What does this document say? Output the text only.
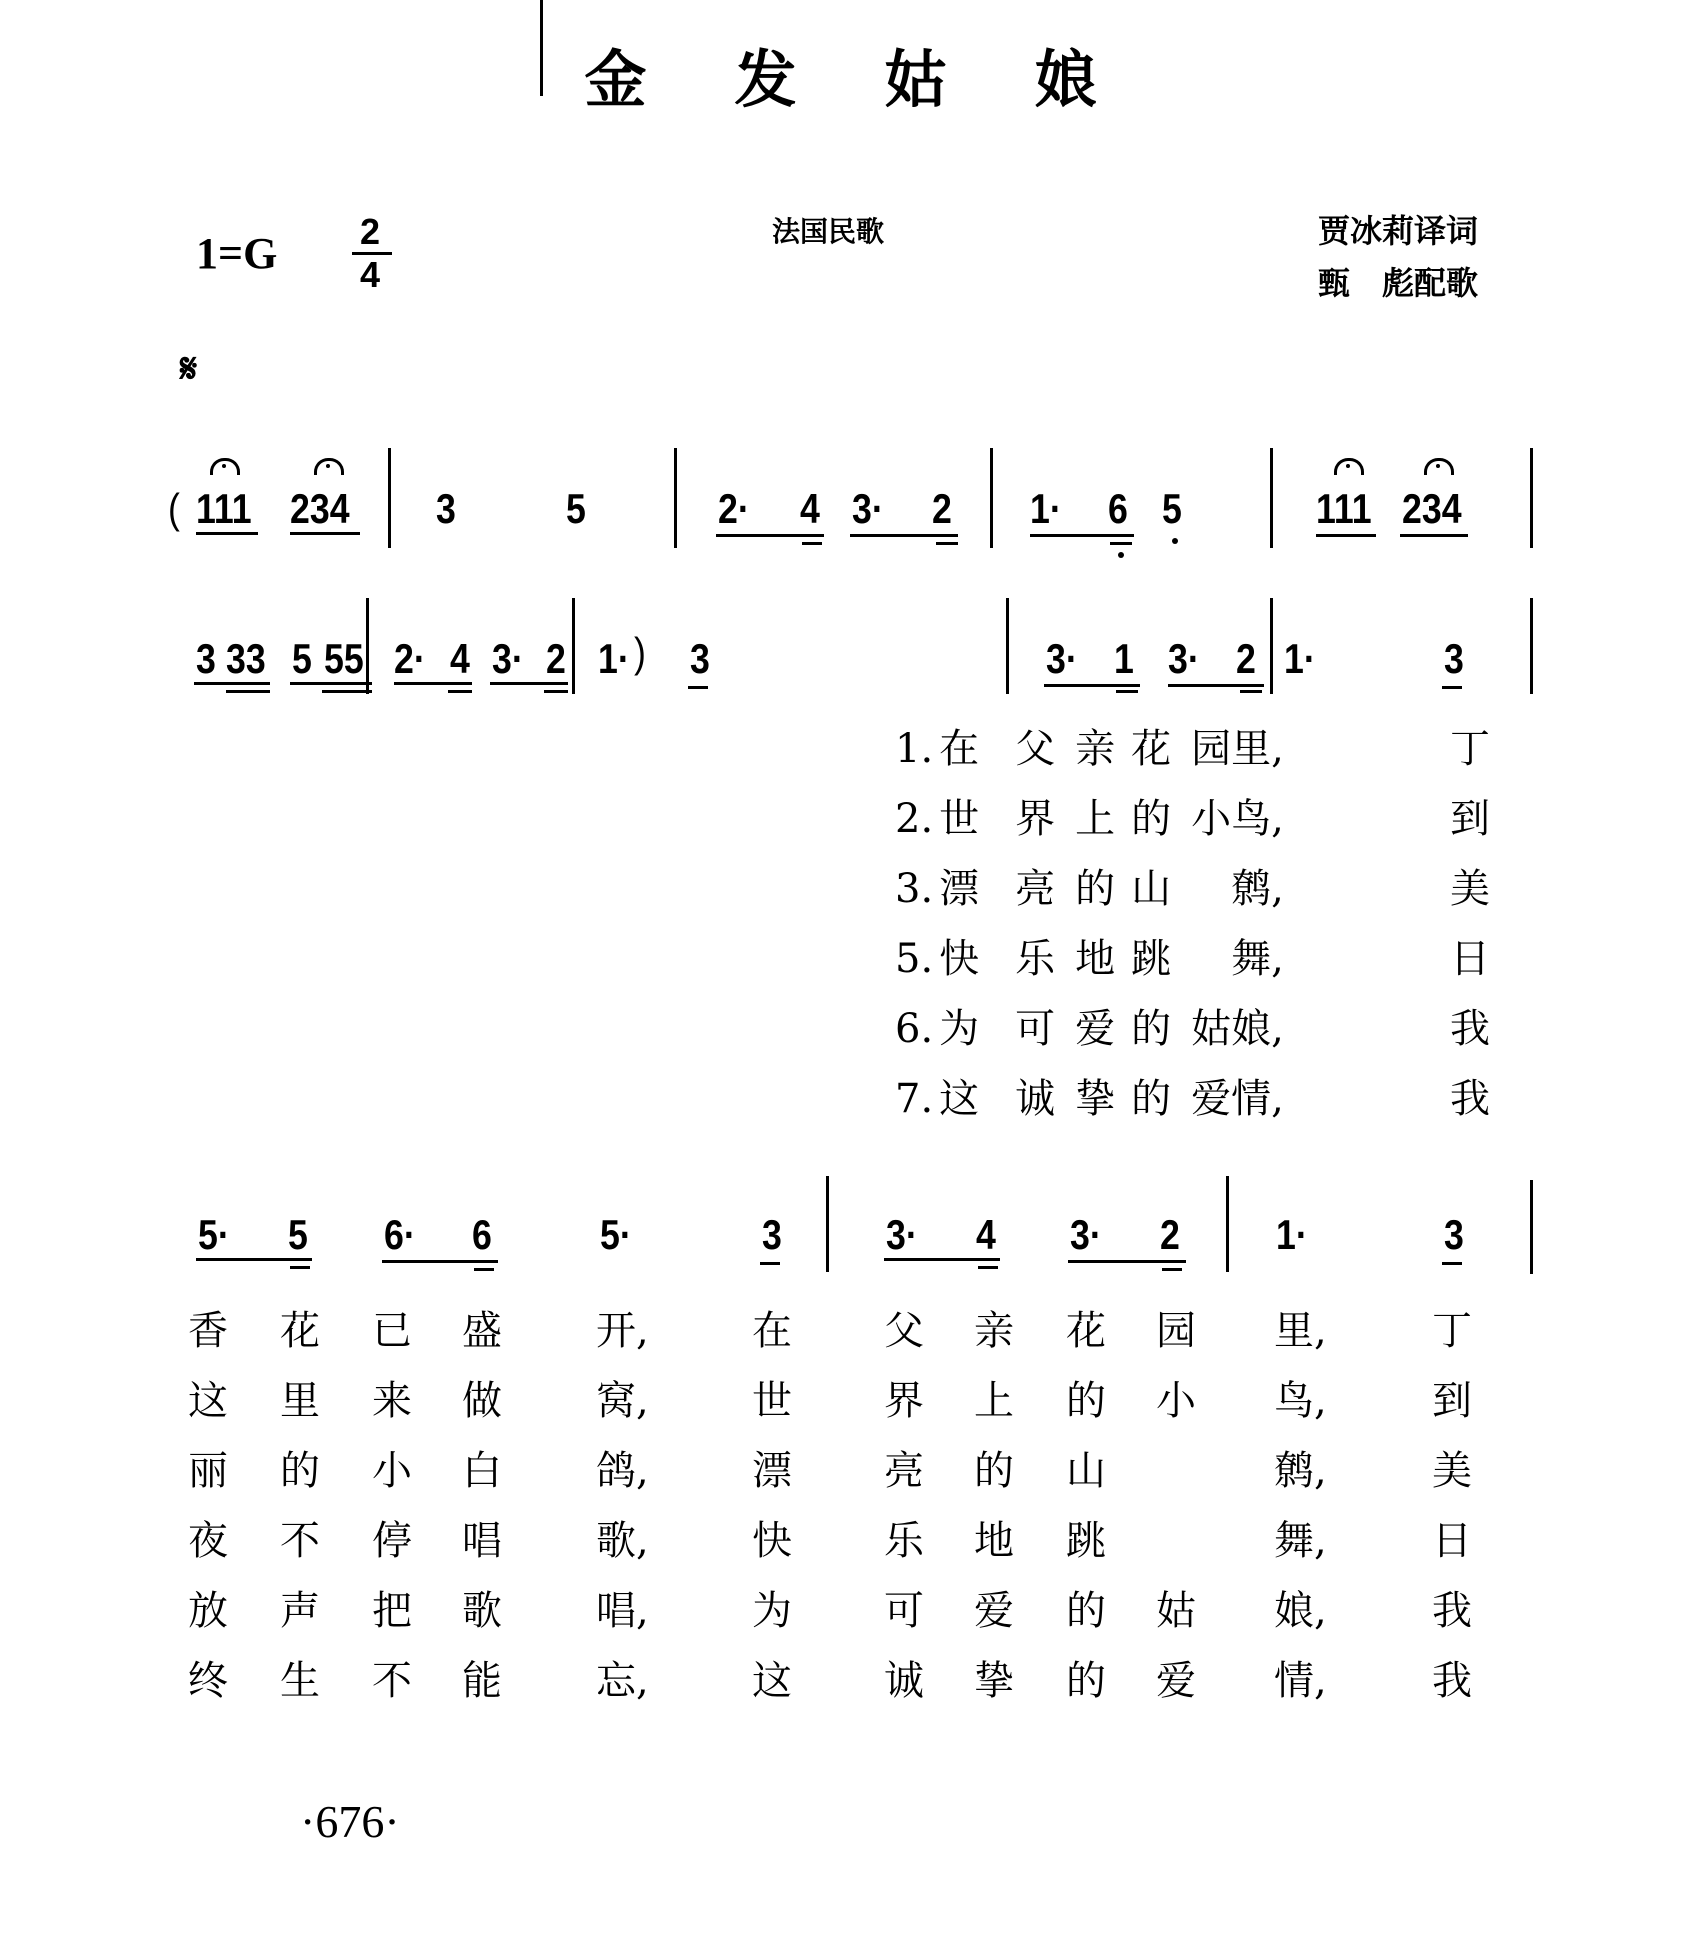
金发姑娘
1=G 2
4
法国民歌	贾冰莉译词
甄　彪配歌
𝄋
( 111 234 3	5	2· 4 3· 2 1· 6 5	111 234
3 33 5 55 2· 4 3· 2 1· ) 3	3· 1 3· 2 1·	3
1. 在 父 亲 花 园里,	丁
2. 世 界 上 的 小鸟,	到
3. 漂 亮 的 山　鹩,	美
5. 快 乐 地 跳　舞,	日
6. 为 可 爱 的 姑娘,	我
7. 这 诚 挚 的 爱情,	我
5· 5 6· 6	5·	3 3· 4 3· 2 1·	3
香 花 已 盛 开,	在 父 亲 花 园 里,	丁
这 里 来 做 窝,	世 界 上 的 小 鸟,	到
丽 的 小 白 鸽,	漂 亮 的 山	鹩,	美
夜 不 停 唱 歌,	快 乐 地 跳	舞,	日
放 声 把 歌 唱,	为 可 爱 的 姑 娘,	我
终 生 不 能 忘,	这 诚 挚 的 爱 情,	我
·676·
